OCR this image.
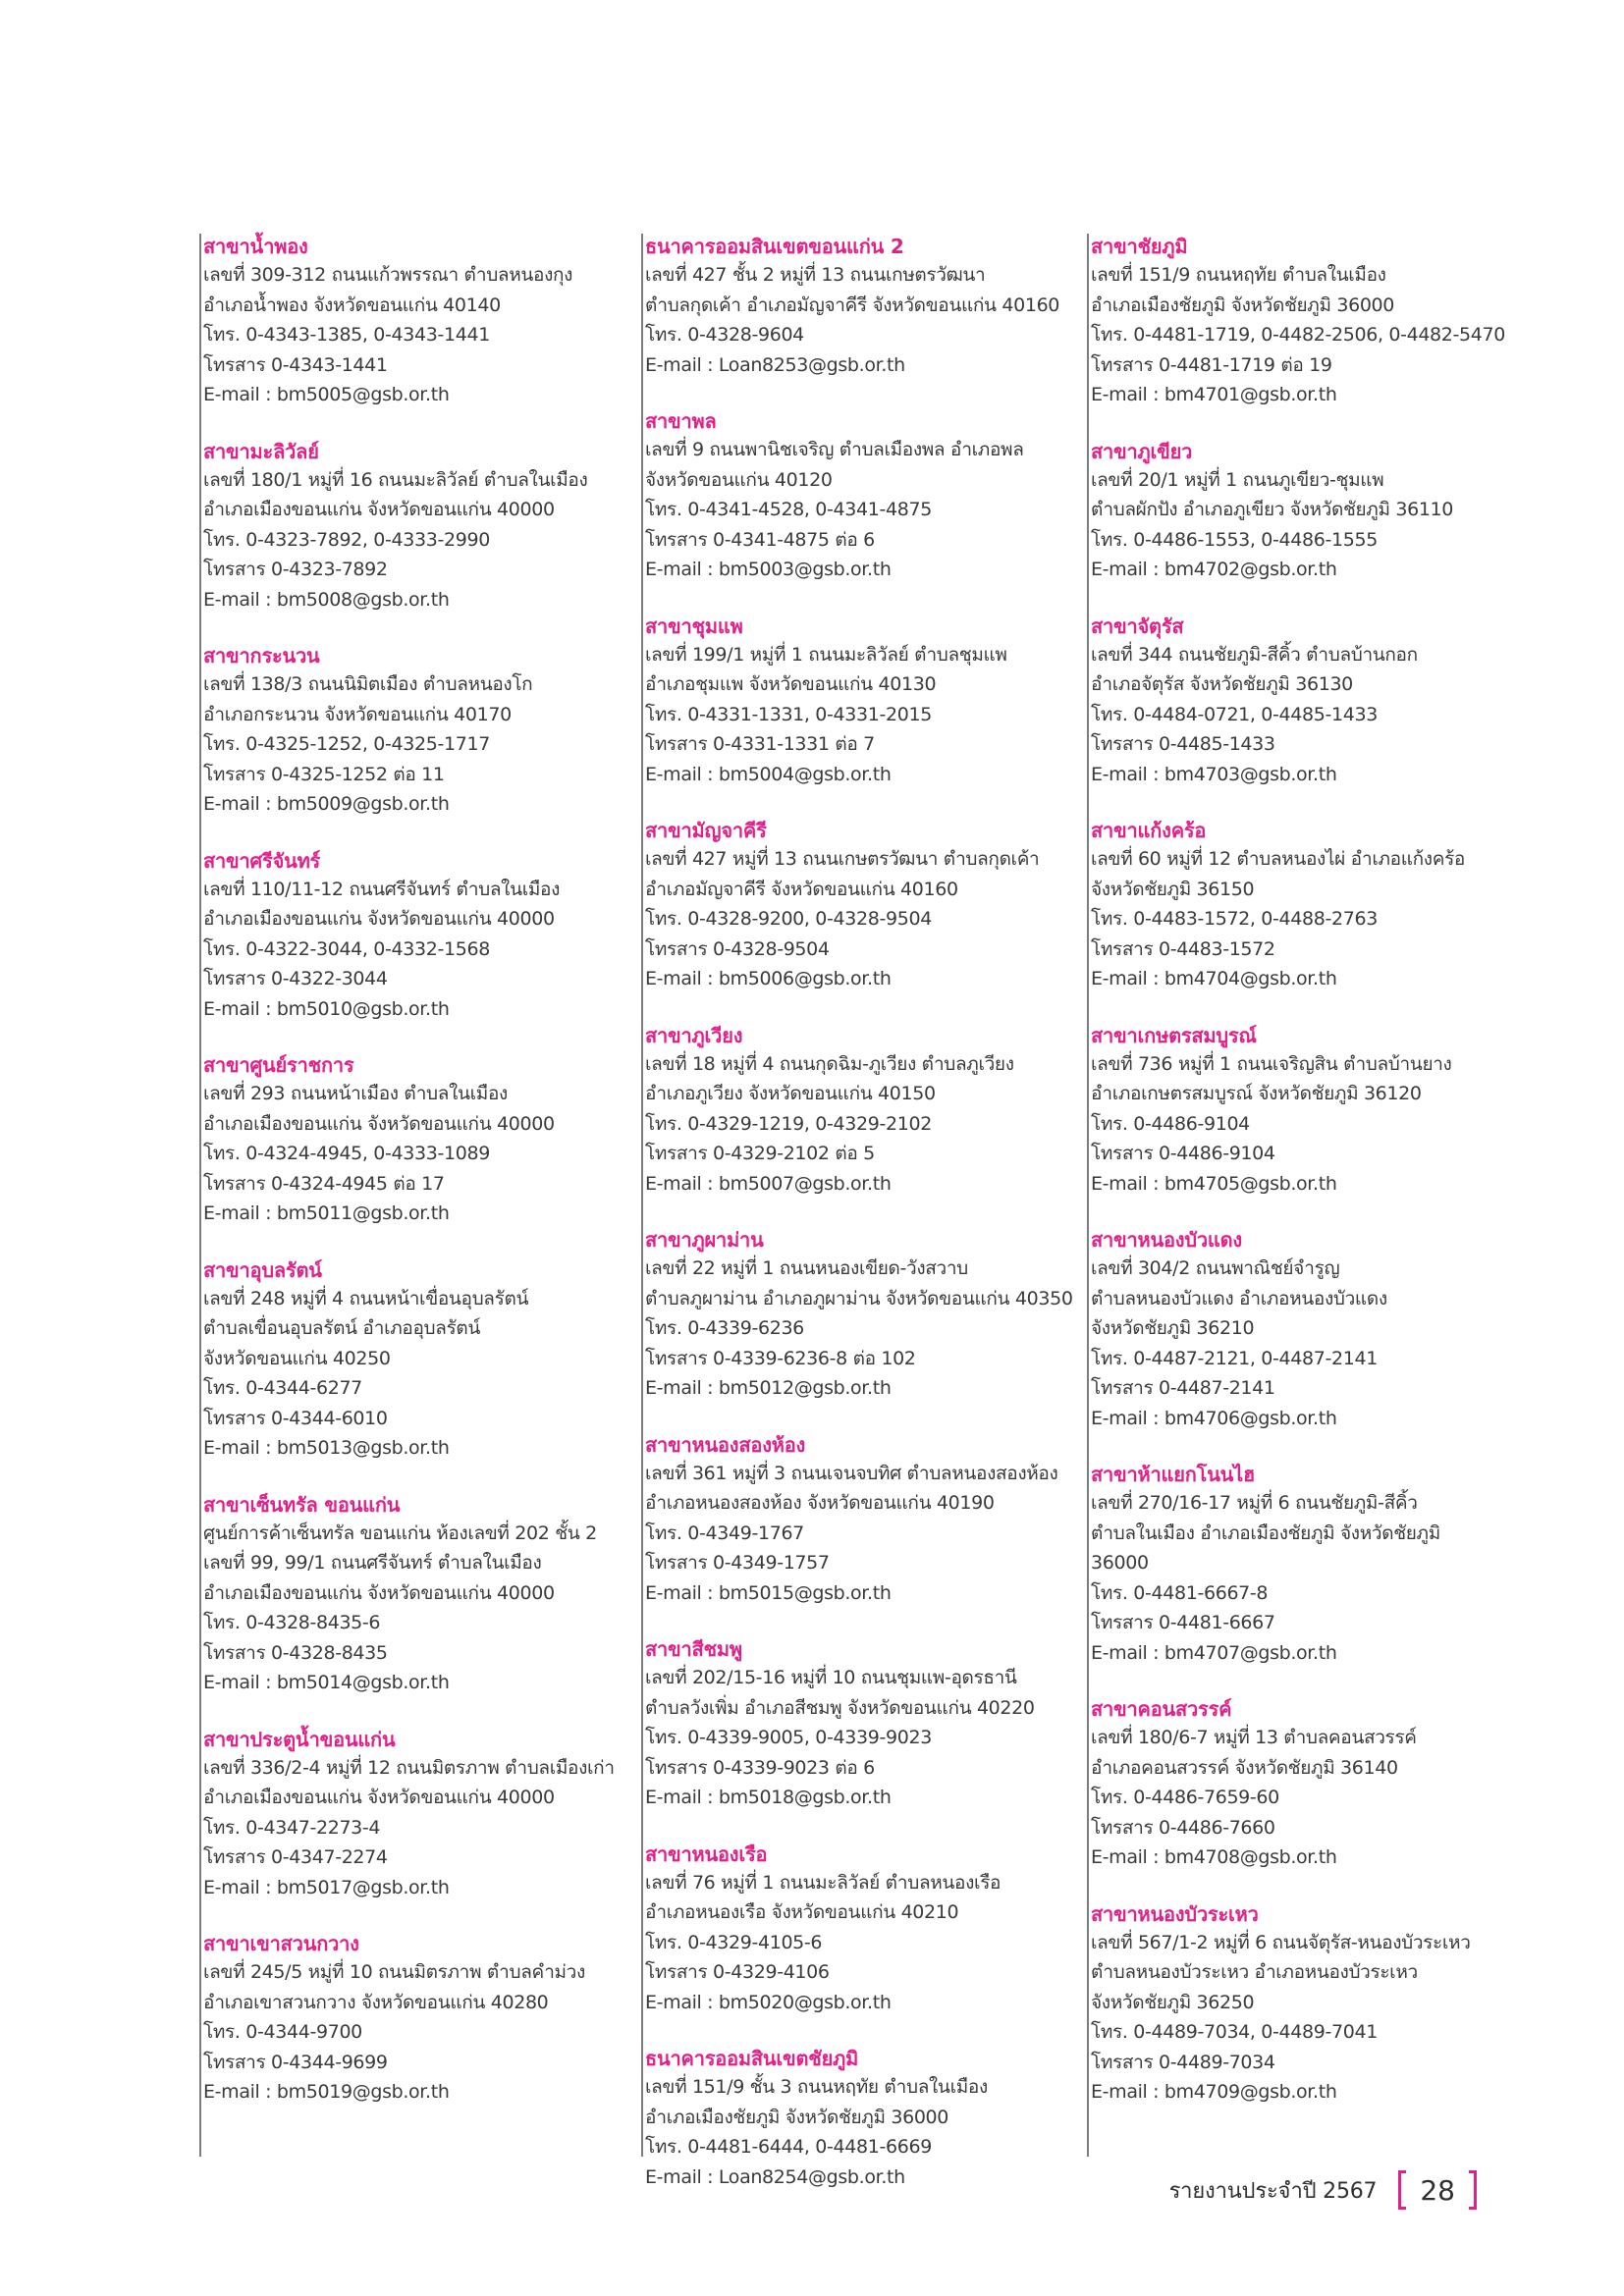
สาขาน้ำพอง
เลขที่ 309-312 ถนนแก้วพรรณา ตำบลหนองกุง
อำเภอน้ำพอง จังหวัดขอนแก่น 40140
โทร. 0-4343-1385, 0-4343-1441
โทรสาร 0-4343-1441
E-mail : bm5005@gsb.or.th
สาขามะลิวัลย์
เลขที่ 180/1 หมู่ที่ 16 ถนนมะลิวัลย์ ตำบลในเมือง
อำเภอเมืองขอนแก่น จังหวัดขอนแก่น 40000
โทร. 0-4323-7892, 0-4333-2990
โทรสาร 0-4323-7892
E-mail : bm5008@gsb.or.th
สาขากระนวน
เลขที่ 138/3 ถนนนิมิตเมือง ตำบลหนองโก
อำเภอกระนวน จังหวัดขอนแก่น 40170
โทร. 0-4325-1252, 0-4325-1717
โทรสาร 0-4325-1252 ต่อ 11
E-mail : bm5009@gsb.or.th
สาขาศรีจันทร์
เลขที่ 110/11-12 ถนนศรีจันทร์ ตำบลในเมือง
อำเภอเมืองขอนแก่น จังหวัดขอนแก่น 40000
โทร. 0-4322-3044, 0-4332-1568
โทรสาร 0-4322-3044
E-mail : bm5010@gsb.or.th
สาขาศูนย์ราชการ
เลขที่ 293 ถนนหน้าเมือง ตำบลในเมือง
อำเภอเมืองขอนแก่น จังหวัดขอนแก่น 40000
โทร. 0-4324-4945, 0-4333-1089
โทรสาร 0-4324-4945 ต่อ 17
E-mail : bm5011@gsb.or.th
สาขาอุบลรัตน์
เลขที่ 248 หมู่ที่ 4 ถนนหน้าเขื่อนอุบลรัตน์
ตำบลเขื่อนอุบลรัตน์ อำเภออุบลรัตน์
จังหวัดขอนแก่น 40250
โทร. 0-4344-6277
โทรสาร 0-4344-6010
E-mail : bm5013@gsb.or.th
สาขาเซ็นทรัล ขอนแก่น
ศูนย์การค้าเซ็นทรัล ขอนแก่น ห้องเลขที่ 202 ชั้น 2
เลขที่ 99, 99/1 ถนนศรีจันทร์ ตำบลในเมือง
อำเภอเมืองขอนแก่น จังหวัดขอนแก่น 40000
โทร. 0-4328-8435-6
โทรสาร 0-4328-8435
E-mail : bm5014@gsb.or.th
สาขาประตูน้ำขอนแก่น
เลขที่ 336/2-4 หมู่ที่ 12 ถนนมิตรภาพ ตำบลเมืองเก่า
อำเภอเมืองขอนแก่น จังหวัดขอนแก่น 40000
โทร. 0-4347-2273-4
โทรสาร 0-4347-2274
E-mail : bm5017@gsb.or.th
สาขาเขาสวนกวาง
เลขที่ 245/5 หมู่ที่ 10 ถนนมิตรภาพ ตำบลคำม่วง
อำเภอเขาสวนกวาง จังหวัดขอนแก่น 40280
โทร. 0-4344-9700
โทรสาร 0-4344-9699
E-mail : bm5019@gsb.or.th
ธนาคารออมสินเขตขอนแก่น 2
เลขที่ 427 ชั้น 2 หมู่ที่ 13 ถนนเกษตรวัฒนา
ตำบลกุดเค้า อำเภอมัญจาคีรี จังหวัดขอนแก่น 40160
โทร. 0-4328-9604
E-mail : Loan8253@gsb.or.th
สาขาพล
เลขที่ 9 ถนนพานิชเจริญ ตำบลเมืองพล อำเภอพล
จังหวัดขอนแก่น 40120
โทร. 0-4341-4528, 0-4341-4875
โทรสาร 0-4341-4875 ต่อ 6
E-mail : bm5003@gsb.or.th
สาขาชุมแพ
เลขที่ 199/1 หมู่ที่ 1 ถนนมะลิวัลย์ ตำบลชุมแพ
อำเภอชุมแพ จังหวัดขอนแก่น 40130
โทร. 0-4331-1331, 0-4331-2015
โทรสาร 0-4331-1331 ต่อ 7
E-mail : bm5004@gsb.or.th
สาขามัญจาคีรี
เลขที่ 427 หมู่ที่ 13 ถนนเกษตรวัฒนา ตำบลกุดเค้า
อำเภอมัญจาคีรี จังหวัดขอนแก่น 40160
โทร. 0-4328-9200, 0-4328-9504
โทรสาร 0-4328-9504
E-mail : bm5006@gsb.or.th
สาขาภูเวียง
เลขที่ 18 หมู่ที่ 4 ถนนกุดฉิม-ภูเวียง ตำบลภูเวียง
อำเภอภูเวียง จังหวัดขอนแก่น 40150
โทร. 0-4329-1219, 0-4329-2102
โทรสาร 0-4329-2102 ต่อ 5
E-mail : bm5007@gsb.or.th
สาขาภูผาม่าน
เลขที่ 22 หมู่ที่ 1 ถนนหนองเขียด-วังสวาบ
ตำบลภูผาม่าน อำเภอภูผาม่าน จังหวัดขอนแก่น 40350
โทร. 0-4339-6236
โทรสาร 0-4339-6236-8 ต่อ 102
E-mail : bm5012@gsb.or.th
สาขาหนองสองห้อง
เลขที่ 361 หมู่ที่ 3 ถนนเจนจบทิศ ตำบลหนองสองห้อง
อำเภอหนองสองห้อง จังหวัดขอนแก่น 40190
โทร. 0-4349-1767
โทรสาร 0-4349-1757
E-mail : bm5015@gsb.or.th
สาขาสีชมพู
เลขที่ 202/15-16 หมู่ที่ 10 ถนนชุมแพ-อุดรธานี
ตำบลวังเพิ่ม อำเภอสีชมพู จังหวัดขอนแก่น 40220
โทร. 0-4339-9005, 0-4339-9023
โทรสาร 0-4339-9023 ต่อ 6
E-mail : bm5018@gsb.or.th
สาขาหนองเรือ
เลขที่ 76 หมู่ที่ 1 ถนนมะลิวัลย์ ตำบลหนองเรือ
อำเภอหนองเรือ จังหวัดขอนแก่น 40210
โทร. 0-4329-4105-6
โทรสาร 0-4329-4106
E-mail : bm5020@gsb.or.th
ธนาคารออมสินเขตชัยภูมิ
เลขที่ 151/9 ชั้น 3 ถนนหฤทัย ตำบลในเมือง
อำเภอเมืองชัยภูมิ จังหวัดชัยภูมิ 36000
โทร. 0-4481-6444, 0-4481-6669
E-mail : Loan8254@gsb.or.th
สาขาชัยภูมิ
เลขที่ 151/9 ถนนหฤทัย ตำบลในเมือง
อำเภอเมืองชัยภูมิ จังหวัดชัยภูมิ 36000
โทร. 0-4481-1719, 0-4482-2506, 0-4482-5470
โทรสาร 0-4481-1719 ต่อ 19
E-mail : bm4701@gsb.or.th
สาขาภูเขียว
เลขที่ 20/1 หมู่ที่ 1 ถนนภูเขียว-ชุมแพ
ตำบลผักปัง อำเภอภูเขียว จังหวัดชัยภูมิ 36110
โทร. 0-4486-1553, 0-4486-1555
E-mail : bm4702@gsb.or.th
สาขาจัตุรัส
เลขที่ 344 ถนนชัยภูมิ-สีคิ้ว ตำบลบ้านกอก
อำเภอจัตุรัส จังหวัดชัยภูมิ 36130
โทร. 0-4484-0721, 0-4485-1433
โทรสาร 0-4485-1433
E-mail : bm4703@gsb.or.th
สาขาแก้งคร้อ
เลขที่ 60 หมู่ที่ 12 ตำบลหนองไผ่ อำเภอแก้งคร้อ
จังหวัดชัยภูมิ 36150
โทร. 0-4483-1572, 0-4488-2763
โทรสาร 0-4483-1572
E-mail : bm4704@gsb.or.th
สาขาเกษตรสมบูรณ์
เลขที่ 736 หมู่ที่ 1 ถนนเจริญสิน ตำบลบ้านยาง
อำเภอเกษตรสมบูรณ์ จังหวัดชัยภูมิ 36120
โทร. 0-4486-9104
โทรสาร 0-4486-9104
E-mail : bm4705@gsb.or.th
สาขาหนองบัวแดง
เลขที่ 304/2 ถนนพาณิชย์จำรูญ
ตำบลหนองบัวแดง อำเภอหนองบัวแดง
จังหวัดชัยภูมิ 36210
โทร. 0-4487-2121, 0-4487-2141
โทรสาร 0-4487-2141
E-mail : bm4706@gsb.or.th
สาขาห้าแยกโนนไฮ
เลขที่ 270/16-17 หมู่ที่ 6 ถนนชัยภูมิ-สีคิ้ว
ตำบลในเมือง อำเภอเมืองชัยภูมิ จังหวัดชัยภูมิ
36000
โทร. 0-4481-6667-8
โทรสาร 0-4481-6667
E-mail : bm4707@gsb.or.th
สาขาคอนสวรรค์
เลขที่ 180/6-7 หมู่ที่ 13 ตำบลคอนสวรรค์
อำเภอคอนสวรรค์ จังหวัดชัยภูมิ 36140
โทร. 0-4486-7659-60
โทรสาร 0-4486-7660
E-mail : bm4708@gsb.or.th
สาขาหนองบัวระเหว
เลขที่ 567/1-2 หมู่ที่ 6 ถนนจัตุรัส-หนองบัวระเหว
ตำบลหนองบัวระเหว อำเภอหนองบัวระเหว
จังหวัดชัยภูมิ 36250
โทร. 0-4489-7034, 0-4489-7041
โทรสาร 0-4489-7034
E-mail : bm4709@gsb.or.th
รายงานประจำปี 2567	28
